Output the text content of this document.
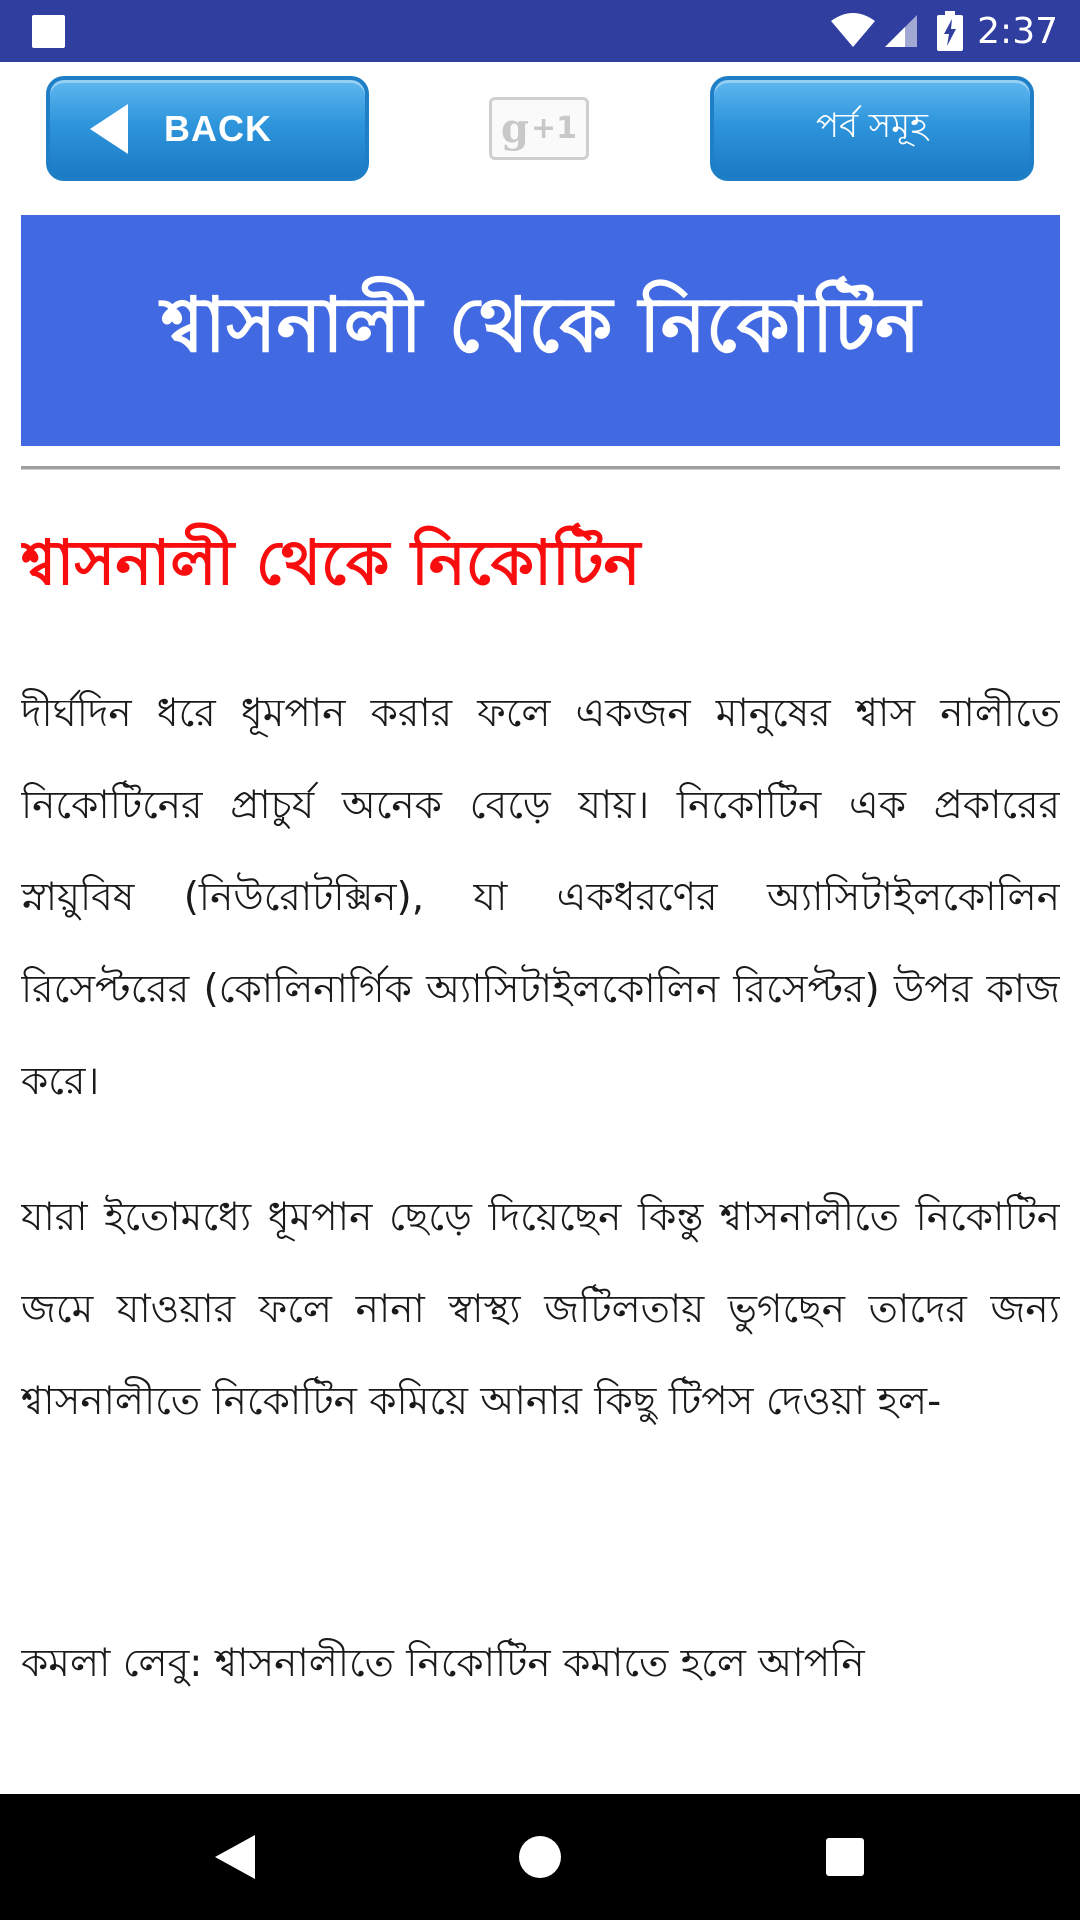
2:37
BACK	g +1	পর্ব সমূহ
শ্বাসনালী থেকে নিকোটিন
শ্বাসনালী থেকে নিকোটিন

দীর্ঘদিন ধরে ধূমপান করার ফলে একজন মানুষের শ্বাস নালীতে নিকোটিনের প্রাচুর্য অনেক বেড়ে যায়। নিকোটিন এক প্রকারের স্নায়ুবিষ (নিউরোটক্সিন), যা একধরণের অ্যাসিটাইলকোলিন রিসেপ্টরের (কোলিনার্গিক অ্যাসিটাইলকোলিন রিসেপ্টর) উপর কাজ করে।

যারা ইতোমধ্যে ধূমপান ছেড়ে দিয়েছেন কিন্তু শ্বাসনালীতে নিকোটিন জমে যাওয়ার ফলে নানা স্বাস্থ্য জটিলতায় ভুগছেন তাদের জন্য শ্বাসনালীতে নিকোটিন কমিয়ে আনার কিছু টিপস দেওয়া হল-

কমলা লেবু: শ্বাসনালীতে নিকোটিন কমাতে হলে আপনি
